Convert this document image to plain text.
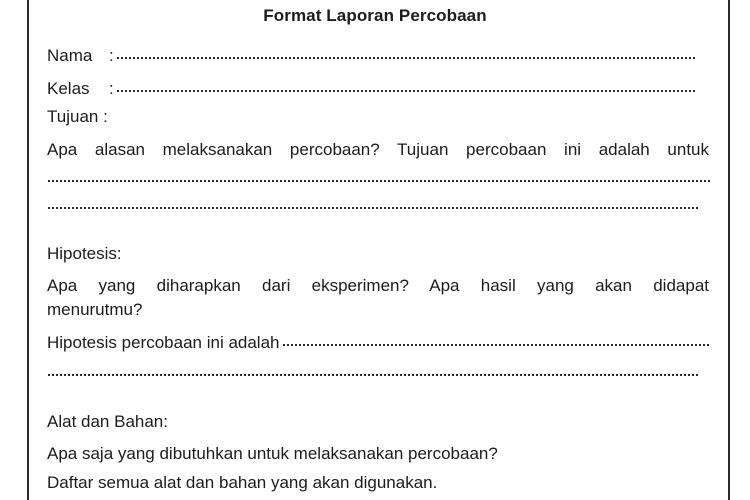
Format Laporan Percobaan
Nama :
Kelas	:
Tujuan :
Apa alasan melaksanakan percobaan? Tujuan percobaan ini adalah untuk
Hipotesis:
Apa yang diharapkan dari eksperimen? Apa hasil yang akan didapat
menurutmu?
Hipotesis percobaan ini adalah
Alat dan Bahan:
Apa saja yang dibutuhkan untuk melaksanakan percobaan?
Daftar semua alat dan bahan yang akan digunakan.
